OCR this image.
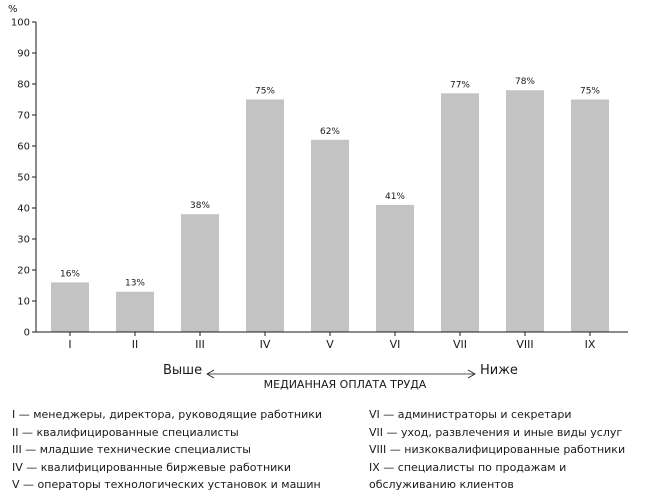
%
0
10
20
30
40
50
60
70
80
90
100
16%
13%
38%
75%
62%
41%
77%	78%
75%
I	II	III	IV	V	VI	VII	VIII	IX
Выше	Ниже
МЕДИАННАЯ ОПЛАТА ТРУДА

I — менеджеры, директора, руководящие работники

II — квалифицированные специалисты

III — младшие технические специалисты

IV — квалифицированные биржевые работники

V — операторы технологических установок и машин

VI — администраторы и секретари

VII — уход, развлечения и иные виды услуг

VIII — низкоквалифицированные работники

IX — специалисты по продажам и обслуживанию клиентов
